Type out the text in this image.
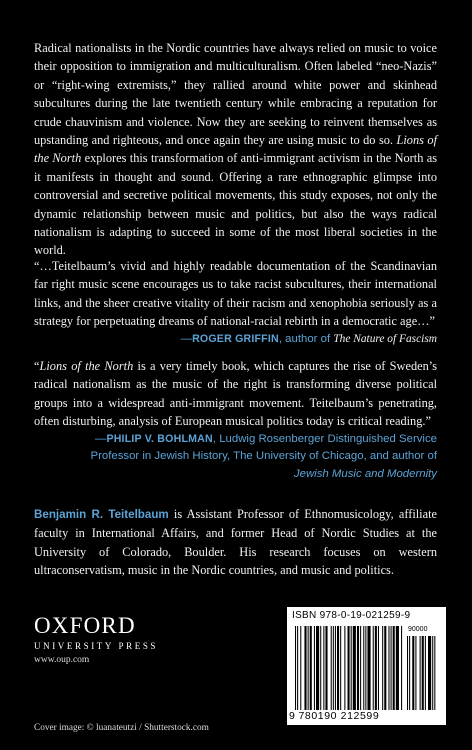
Radical nationalists in the Nordic countries have always relied on music to voice their opposition to immigration and multiculturalism. Often labeled “neo-Nazis” or “right-wing extremists,” they rallied around white power and skinhead subcultures during the late twentieth century while embracing a reputation for crude chauvinism and violence. Now they are seeking to reinvent themselves as upstanding and righteous, and once again they are using music to do so. Lions of the North explores this transformation of anti-immigrant activism in the North as it manifests in thought and sound. Offering a rare ethnographic glimpse into controversial and secretive political movements, this study exposes, not only the dynamic relationship between music and politics, but also the ways radical nationalism is adapting to succeed in some of the most liberal societies in the world.
“…Teitelbaum’s vivid and highly readable documentation of the Scandinavian far right music scene encourages us to take racist subcultures, their international links, and the sheer creative vitality of their racism and xenophobia seriously as a strategy for perpetuating dreams of national-racial rebirth in a democratic age…”
—ROGER GRIFFIN, author of The Nature of Fascism
“Lions of the North is a very timely book, which captures the rise of Sweden’s radical nationalism as the music of the right is transforming diverse political groups into a widespread anti-immigrant movement. Teitelbaum’s penetrating, often disturbing, analysis of European musical politics today is critical reading.”
—PHILIP V. BOHLMAN, Ludwig Rosenberger Distinguished Service Professor in Jewish History, The University of Chicago, and author of Jewish Music and Modernity
Benjamin R. Teitelbaum is Assistant Professor of Ethnomusicology, affiliate faculty in International Affairs, and former Head of Nordic Studies at the University of Colorado, Boulder. His research focuses on western ultraconservatism, music in the Nordic countries, and music and politics.
OXFORD
UNIVERSITY PRESS
www.oup.com
Cover image: © luanateutzi / Shutterstock.com
ISBN 978-0-19-021259-9
90000
9 780190 212599
